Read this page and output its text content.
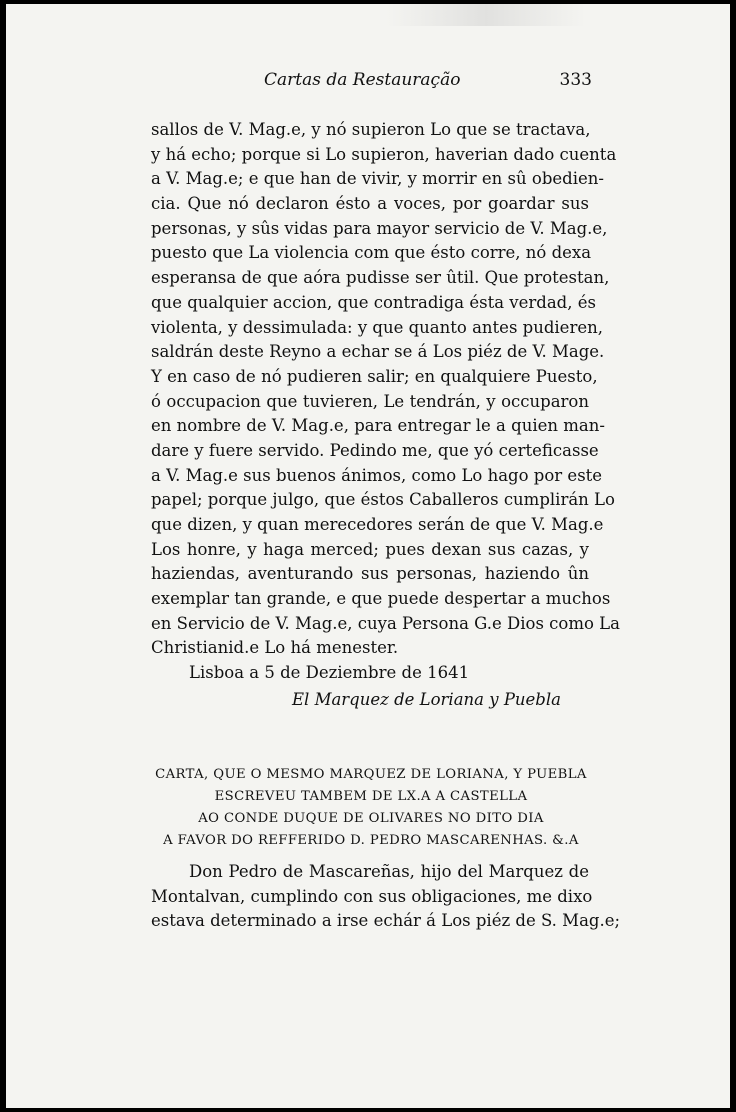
Cartas da Restauração	333
sallos de V. Mag.e, y nó supieron Lo que se tractava,
y há echo; porque si Lo supieron, haverian dado cuenta
a V. Mag.e; e que han de vivir, y morrir en sû obedien-
cia. Que nó declaron ésto a voces, por goardar sus
personas, y sûs vidas para mayor servicio de V. Mag.e,
puesto que La violencia com que ésto corre, nó dexa
esperansa de que aóra pudisse ser ûtil. Que protestan,
que qualquier accion, que contradiga ésta verdad, és
violenta, y dessimulada: y que quanto antes pudieren,
saldrán deste Reyno a echar se á Los piéz de V. Mage.
Y en caso de nó pudieren salir; en qualquiere Puesto,
ó occupacion que tuvieren, Le tendrán, y occuparon
en nombre de V. Mag.e, para entregar le a quien man-
dare y fuere servido. Pedindo me, que yó certeficasse
a V. Mag.e sus buenos ánimos, como Lo hago por este
papel; porque julgo, que éstos Caballeros cumplirán Lo
que dizen, y quan merecedores serán de que V. Mag.e
Los honre, y haga merced; pues dexan sus cazas, y
haziendas, aventurando sus personas, haziendo ûn
exemplar tan grande, e que puede despertar a muchos
en Servicio de V. Mag.e, cuya Persona G.e Dios como La
Christianid.e Lo há menester.
Lisboa a 5 de Deziembre de 1641
El Marquez de Loriana y Puebla
CARTA, QUE O MESMO MARQUEZ DE LORIANA, Y PUEBLA
ESCREVEU TAMBEM DE LX.A A CASTELLA
AO CONDE DUQUE DE OLIVARES NO DITO DIA
A FAVOR DO REFFERIDO D. PEDRO MASCARENHAS. &.A
Don Pedro de Mascareñas, hijo del Marquez de
Montalvan, cumplindo con sus obligaciones, me dixo
estava determinado a irse echár á Los piéz de S. Mag.e;
